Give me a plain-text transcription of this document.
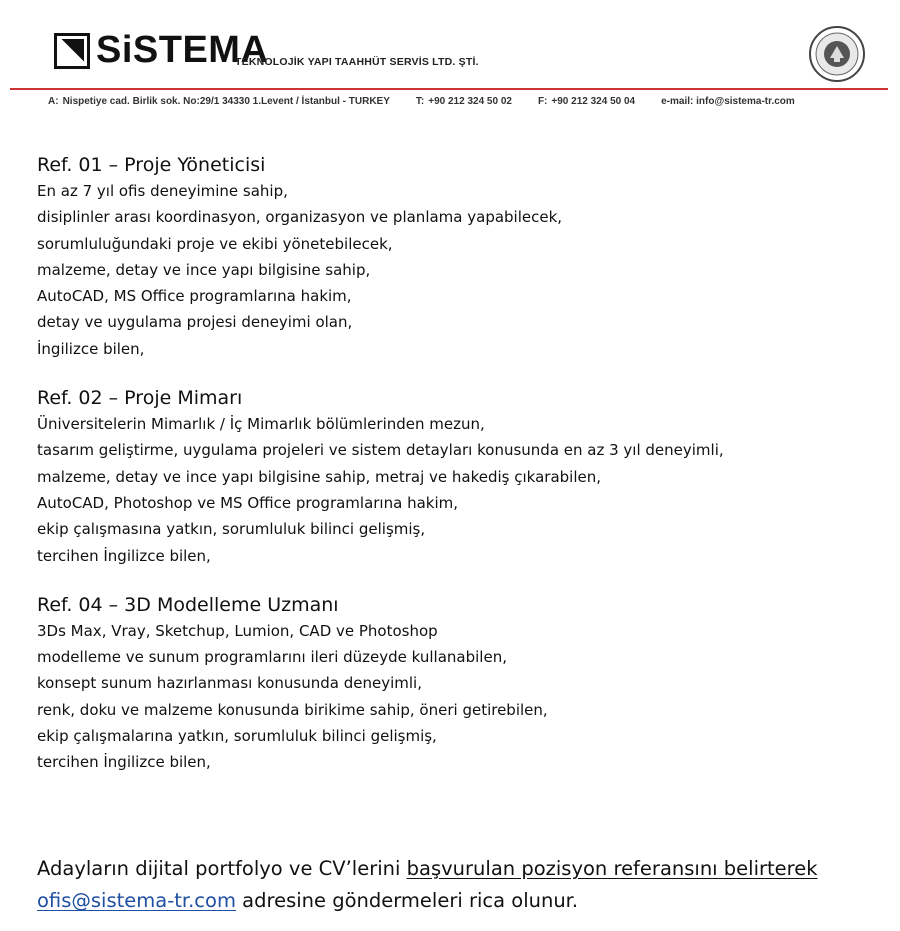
SiSTEMA
TEKNOLOJİK YAPI TAAHHÜT SERVİS LTD. ŞTİ.
A: Nispetiye cad. Birlik sok. No:29/1 34330 1.Levent / İstanbul - TURKEY	T: +90 212 324 50 02	F: +90 212 324 50 04	e-mail: info@sistema-tr.com
Ref. 01 – Proje Yöneticisi
En az 7 yıl ofis deneyimine sahip,
disiplinler arası koordinasyon, organizasyon ve planlama yapabilecek,
sorumluluğundaki proje ve ekibi yönetebilecek,
malzeme, detay ve ince yapı bilgisine sahip,
AutoCAD, MS Office programlarına hakim,
detay ve uygulama projesi deneyimi olan,
İngilizce bilen,
Ref. 02 – Proje Mimarı
Üniversitelerin Mimarlık / İç Mimarlık bölümlerinden mezun,
tasarım geliştirme, uygulama projeleri ve sistem detayları konusunda en az 3 yıl deneyimli,
malzeme, detay ve ince yapı bilgisine sahip, metraj ve hakediş çıkarabilen,
AutoCAD, Photoshop ve MS Office programlarına hakim,
ekip çalışmasına yatkın, sorumluluk bilinci gelişmiş,
tercihen İngilizce bilen,
Ref. 04 – 3D Modelleme Uzmanı
3Ds Max, Vray, Sketchup, Lumion, CAD ve Photoshop
modelleme ve sunum programlarını ileri düzeyde kullanabilen,
konsept sunum hazırlanması konusunda deneyimli,
renk, doku ve malzeme konusunda birikime sahip, öneri getirebilen,
ekip çalışmalarına yatkın, sorumluluk bilinci gelişmiş,
tercihen İngilizce bilen,
Adayların dijital portfolyo ve CV’lerini başvurulan pozisyon referansını belirterek ofis@sistema-tr.com adresine göndermeleri rica olunur.
